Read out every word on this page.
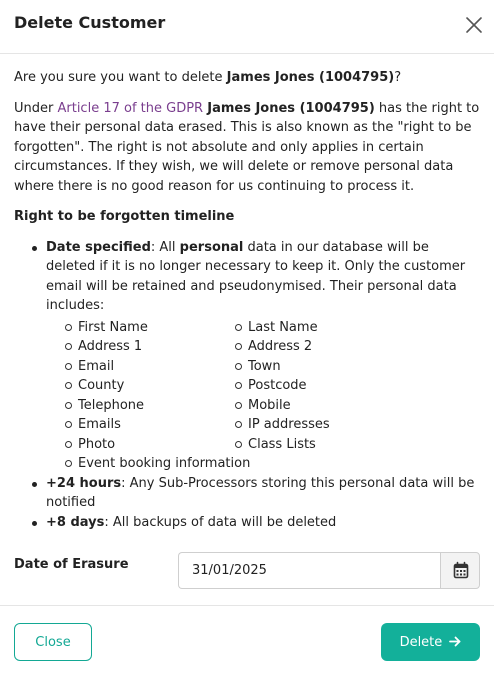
Delete Customer

Are you sure you want to delete James Jones (1004795)?

Under Article 17 of the GDPR James Jones (1004795) has the right to have their personal data erased. This is also known as the "right to be forgotten". The right is not absolute and only applies in certain circumstances. If they wish, we will delete or remove personal data where there is no good reason for us continuing to process it.

Right to be forgotten timeline
Date specified: All personal data in our database will be deleted if it is no longer necessary to keep it. Only the customer email will be retained and pseudonymised. Their personal data includes:
First Name	Last Name
Address 1	Address 2
Email	Town
County	Postcode
Telephone	Mobile
Emails	IP addresses
Photo	Class Lists
Event booking information
+24 hours: Any Sub-Processors storing this personal data will be notified
+8 days: All backups of data will be deleted
Date of Erasure
31/01/2025
Close	Delete
